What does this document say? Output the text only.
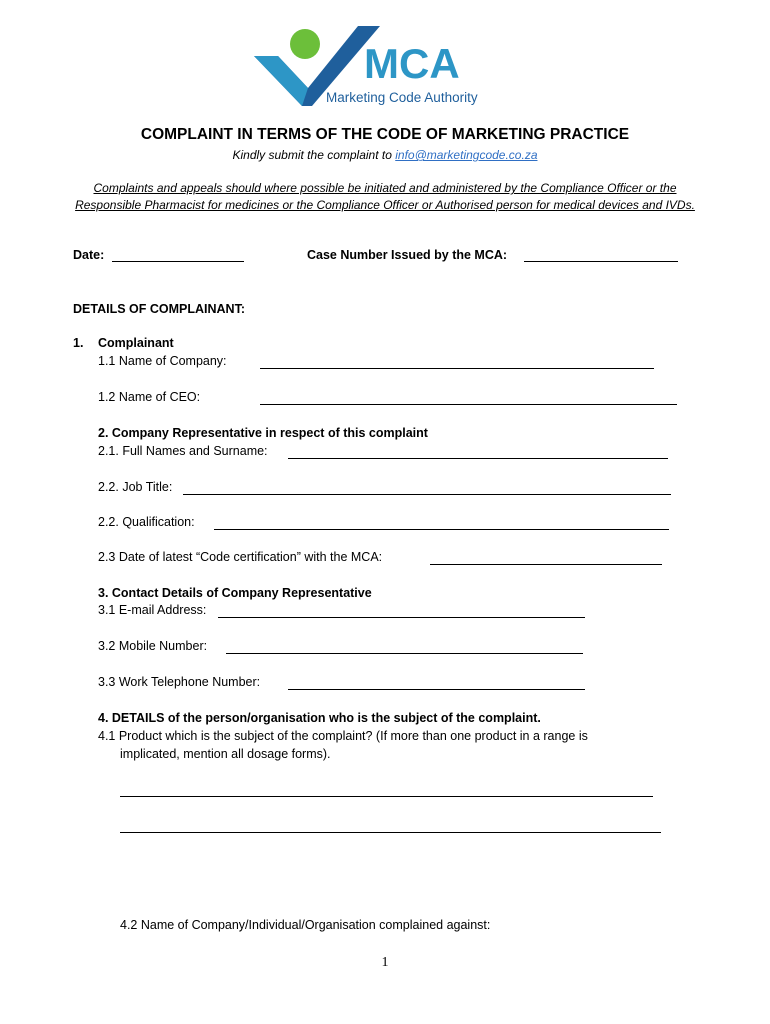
MCA
Marketing Code Authority
COMPLAINT IN TERMS OF THE CODE OF MARKETING PRACTICE
Kindly submit the complaint to info@marketingcode.co.za
Complaints and appeals should where possible be initiated and administered by the Compliance Officer or the Responsible Pharmacist for medicines or the Compliance Officer or Authorised person for medical devices and IVDs.
Date:	Case Number Issued by the MCA:
DETAILS OF COMPLAINANT:
1. Complainant
1.1 Name of Company:
1.2 Name of CEO:
2. Company Representative in respect of this complaint
2.1. Full Names and Surname:
2.2. Job Title:
2.2. Qualification:
2.3 Date of latest “Code certification” with the MCA:
3. Contact Details of Company Representative
3.1 E-mail Address:
3.2 Mobile Number:
3.3 Work Telephone Number:
4. DETAILS of the person/organisation who is the subject of the complaint.
4.1 Product which is the subject of the complaint? (If more than one product in a range is
implicated, mention all dosage forms).
4.2 Name of Company/Individual/Organisation complained against:
1
